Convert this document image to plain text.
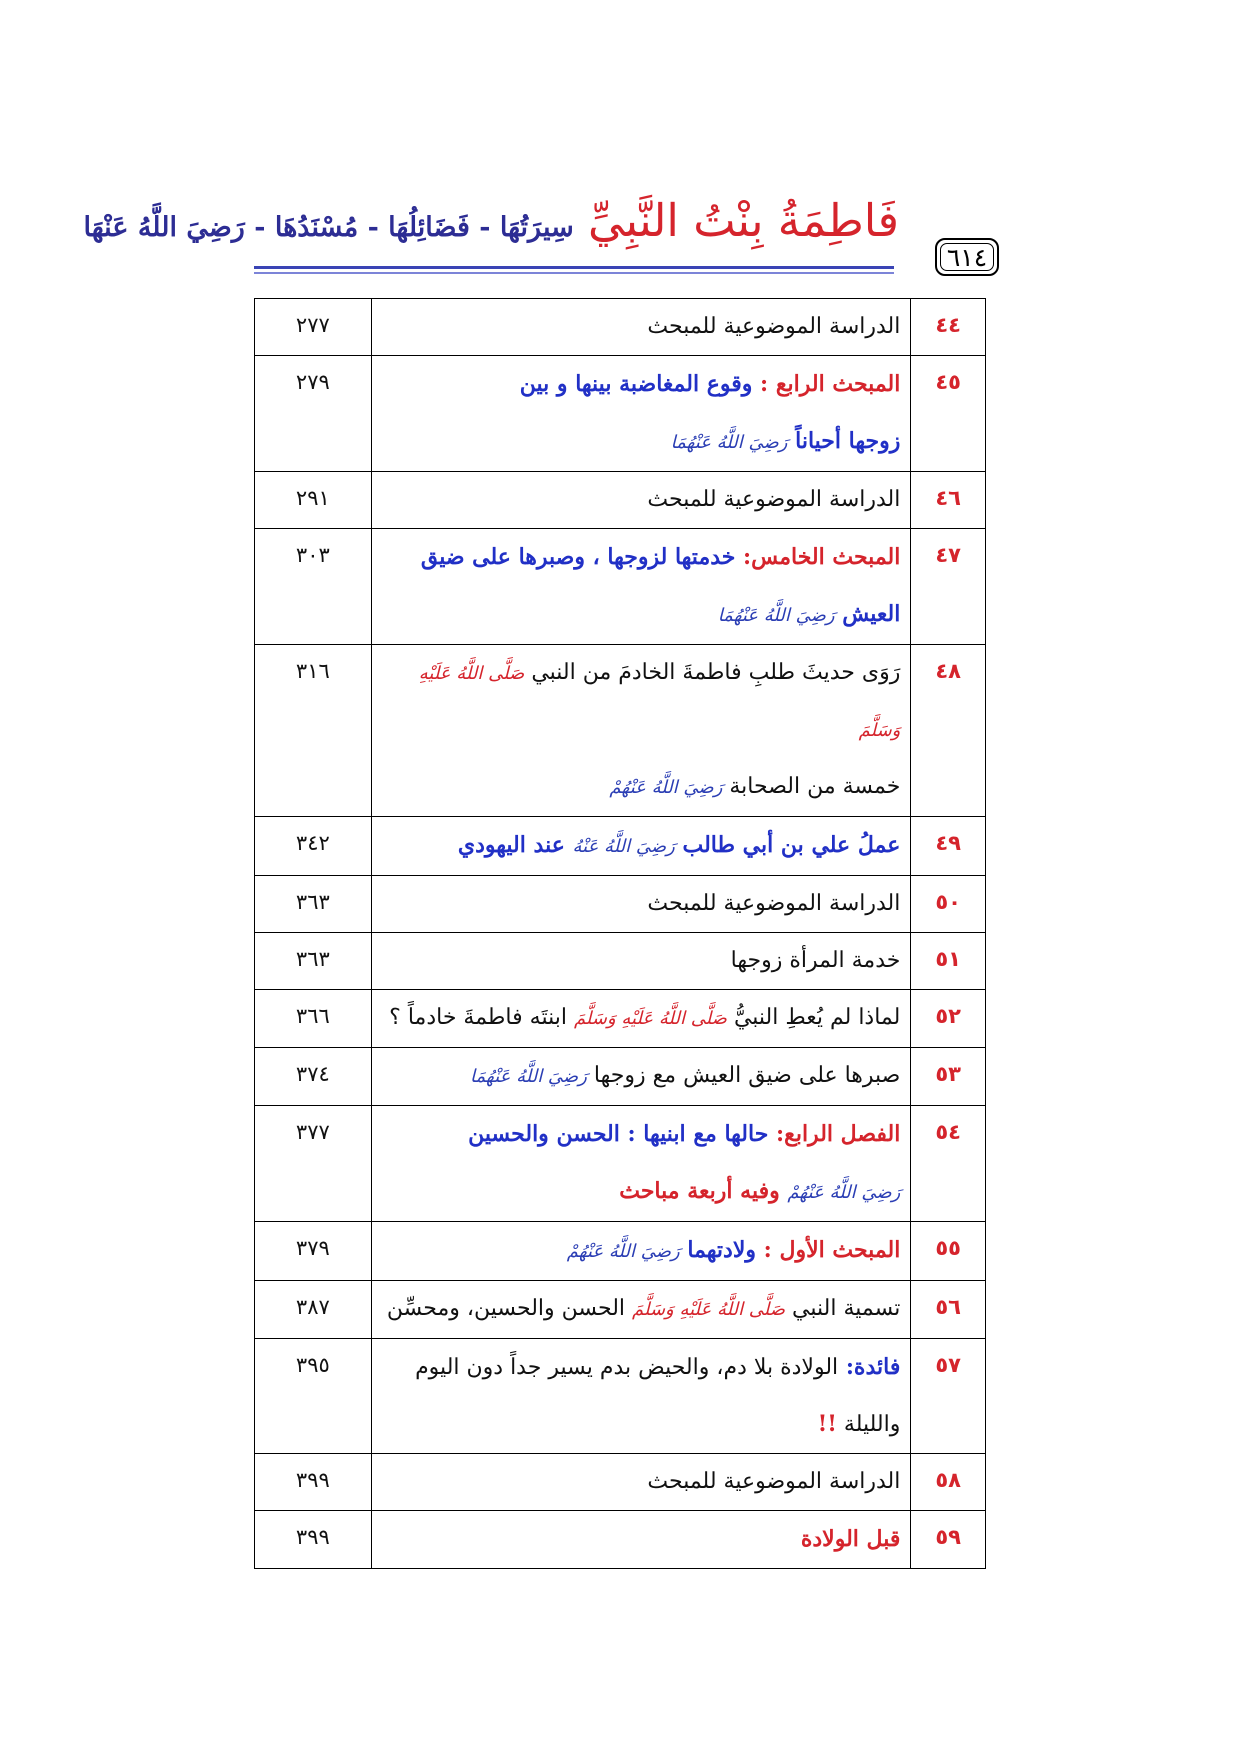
فَاطِمَةُ بِنْتُ النَّبِيِّ سِيرَتُهَا - فَضَائِلُهَا - مُسْنَدُهَا - رَضِيَ اللَّهُ عَنْهَا
٦١٤
٤٤	الدراسة الموضوعية للمبحث	٢٧٧
٤٥	المبحث الرابع : وقوع المغاضبة بينها و بين
زوجها أحياناً رَضِيَ اللَّهُ عَنْهُمَا	٢٧٩
٤٦	الدراسة الموضوعية للمبحث	٢٩١
٤٧	المبحث الخامس: خدمتها لزوجها ، وصبرها على ضيق
العيش رَضِيَ اللَّهُ عَنْهُمَا	٣٠٣
٤٨	رَوَى حديثَ طلبِ فاطمةَ الخادمَ من النبي صَلَّى اللَّهُ عَلَيْهِ وَسَلَّمَ
خمسة من الصحابة رَضِيَ اللَّهُ عَنْهُمْ	٣١٦
٤٩	عملُ علي بن أبي طالب رَضِيَ اللَّهُ عَنْهُ عند اليهودي	٣٤٢
٥٠	الدراسة الموضوعية للمبحث	٣٦٣
٥١	خدمة المرأة زوجها	٣٦٣
٥٢	لماذا لم يُعطِ النبيُّ صَلَّى اللَّهُ عَلَيْهِ وَسَلَّمَ ابنتَه فاطمةَ خادماً ؟	٣٦٦
٥٣	صبرها على ضيق العيش مع زوجها رَضِيَ اللَّهُ عَنْهُمَا	٣٧٤
٥٤	الفصل الرابع: حالها مع ابنيها : الحسن والحسين
رَضِيَ اللَّهُ عَنْهُمْ وفيه أربعة مباحث	٣٧٧
٥٥	المبحث الأول : ولادتهما رَضِيَ اللَّهُ عَنْهُمْ	٣٧٩
٥٦	تسمية النبي صَلَّى اللَّهُ عَلَيْهِ وَسَلَّمَ الحسن والحسين، ومحسِّن	٣٨٧
٥٧	فائدة: الولادة بلا دم، والحيض بدم يسير جداً دون اليوم
والليلة !!	٣٩٥
٥٨	الدراسة الموضوعية للمبحث	٣٩٩
٥٩	قبل الولادة	٣٩٩
